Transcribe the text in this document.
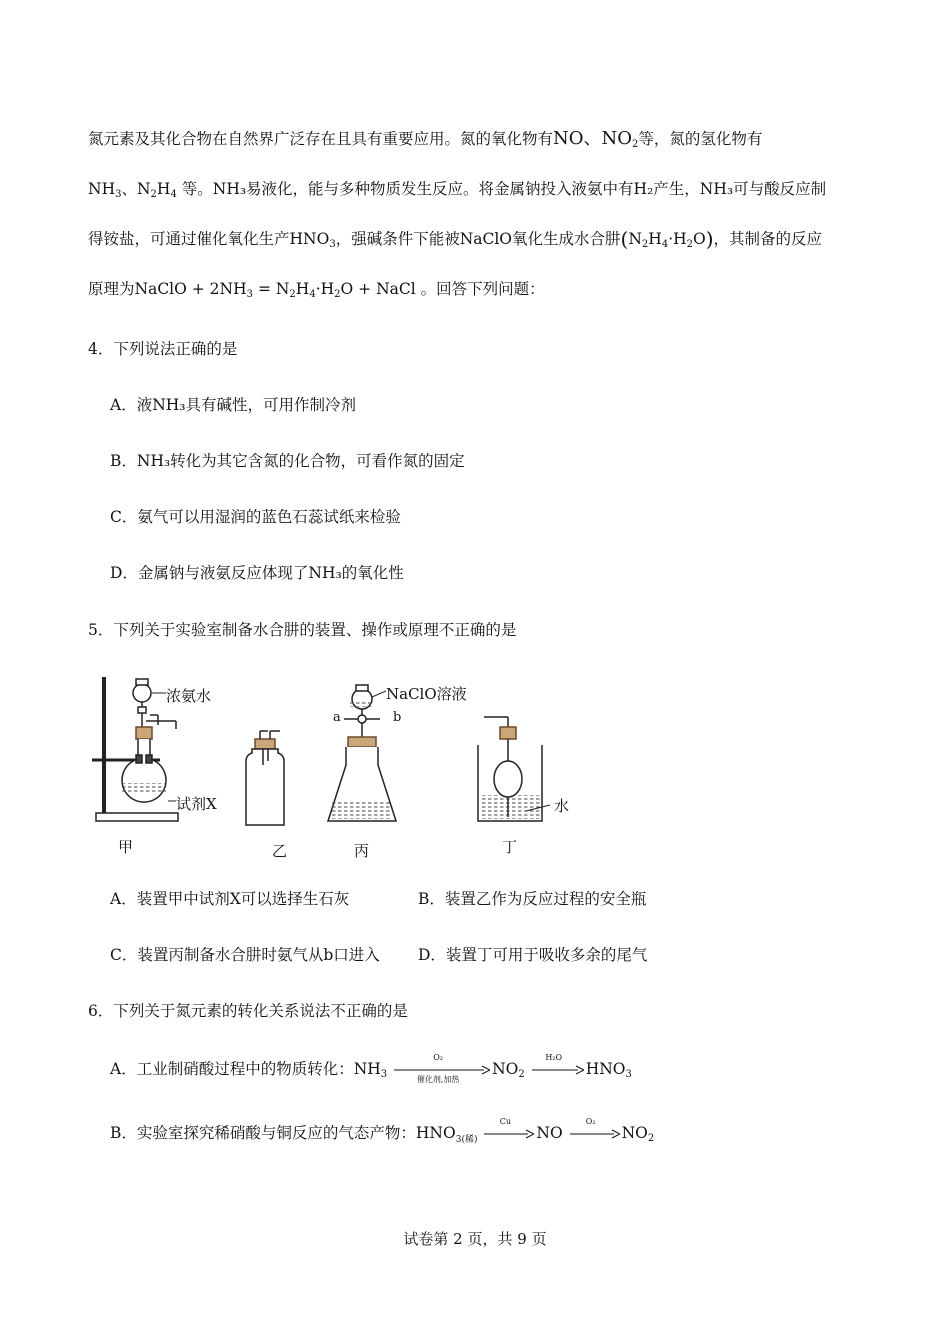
氮元素及其化合物在自然界广泛存在且具有重要应用。氮的氧化物有NO、$NO_2$等，氮的氢化物有
$NH_3$、$N_2H_4$ 等。NH₃易液化，能与多种物质发生反应。将金属钠投入液氨中有H₂产生，NH₃可与酸反应制
得铵盐，可通过催化氧化生产$HNO_3$，强碱条件下能被NaClO氧化生成水合肼$(N_2H_4\cdot H_2O)$，其制备的反应
原理为NaClO + $2NH_3 = N_2H_4\cdot H_2O$ + NaCl 。回答下列问题：
4．下列说法正确的是
A．液NH₃具有碱性，可用作制冷剂
B．NH₃转化为其它含氮的化合物，可看作氮的固定
C．氨气可以用湿润的蓝色石蕊试纸来检验
D．金属钠与液氨反应体现了NH₃的氧化性
5．下列关于实验室制备水合肼的装置、操作或原理不正确的是
浓氨水
试剂X
NaClO溶液
a	b
水
甲	乙	丙	丁
A．装置甲中试剂X可以选择生石灰	B．装置乙作为反应过程的安全瓶
C．装置丙制备水合肼时氨气从b口进入 D．装置丁可用于吸收多余的尾气
6．下列关于氮元素的转化关系说法不正确的是
A．工业制硝酸过程中的物质转化：$NH_3$
O₂
催化剂,加热
$NO_2$
H₂O
$HNO_3$
B．实验室探究稀硝酸与铜反应的气态产物：$HNO_{3(稀)}$
Cu
NO
O₂
$NO_2$
试卷第 2 页，共 9 页
